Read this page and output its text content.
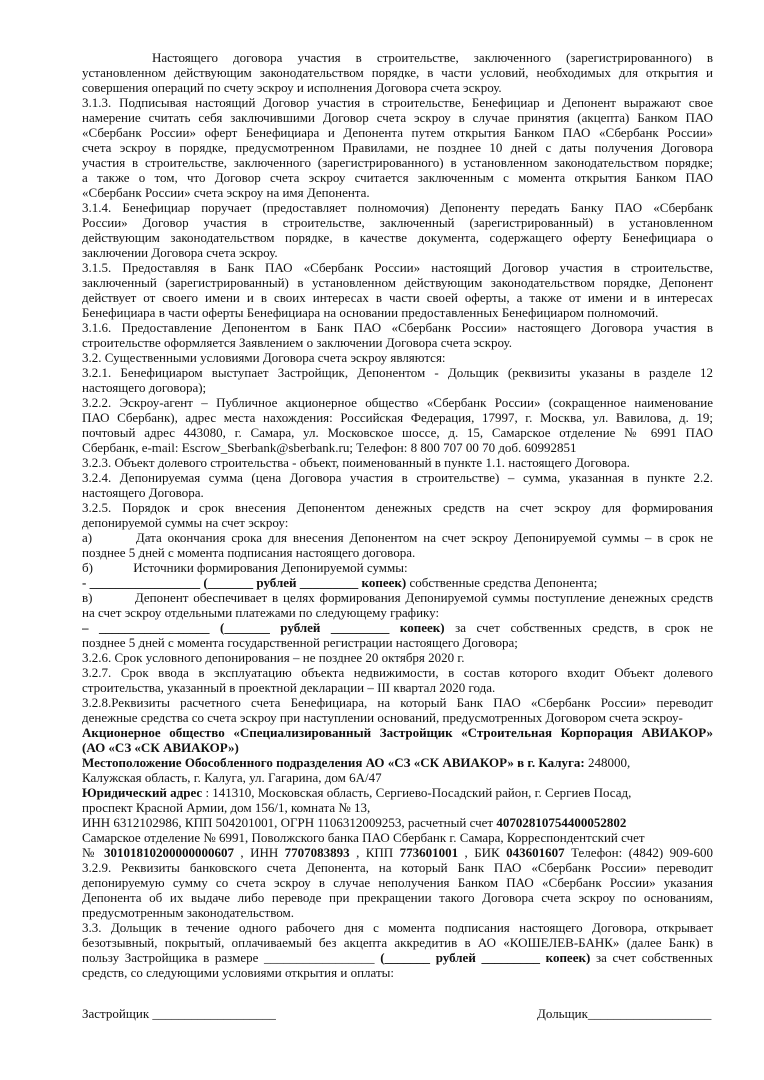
Настоящего договора участия в строительстве, заключенного (зарегистрированного) в
установленном действующим законодательством порядке, в части условий, необходимых для открытия и
совершения операций по счету эскроу и исполнения Договора счета эскроу.
3.1.3. Подписывая настоящий Договор участия в строительстве, Бенефициар и Депонент выражают свое
намерение считать себя заключившими Договор счета эскроу в случае принятия (акцепта) Банком ПАО
«Сбербанк России» оферт Бенефициара и Депонента путем открытия Банком ПАО «Сбербанк России»
счета эскроу в порядке, предусмотренном Правилами, не позднее 10 дней с даты получения Договора
участия в строительстве, заключенного (зарегистрированного) в установленном законодательством порядке;
а также о том, что Договор счета эскроу считается заключенным с момента открытия Банком ПАО
«Сбербанк России» счета эскроу на имя Депонента.
3.1.4. Бенефициар поручает (предоставляет полномочия) Депоненту передать Банку ПАО «Сбербанк
России» Договор участия в строительстве, заключенный (зарегистрированный) в установленном
действующим законодательством порядке, в качестве документа, содержащего оферту Бенефициара о
заключении Договора счета эскроу.
3.1.5. Предоставляя в Банк ПАО «Сбербанк России» настоящий Договор участия в строительстве,
заключенный (зарегистрированный) в установленном действующим законодательством порядке, Депонент
действует от своего имени и в своих интересах в части своей оферты, а также от имени и в интересах
Бенефициара в части оферты Бенефициара на основании предоставленных Бенефициаром полномочий.
3.1.6. Предоставление Депонентом в Банк ПАО «Сбербанк России» настоящего Договора участия в
строительстве оформляется Заявлением о заключении Договора счета эскроу.
3.2. Существенными условиями Договора счета эскроу являются:
3.2.1. Бенефициаром выступает Застройщик, Депонентом - Дольщик (реквизиты указаны в разделе 12
настоящего договора);
3.2.2. Эскроу-агент – Публичное акционерное общество «Сбербанк России» (сокращенное наименование
ПАО Сбербанк), адрес места нахождения: Российская Федерация, 17997, г. Москва, ул. Вавилова, д. 19;
почтовый адрес 443080, г. Самара, ул. Московское шоссе, д. 15, Самарское отделение № 6991 ПАО
Сбербанк, e-mail: Escrow_Sberbank@sberbank.ru; Телефон: 8 800 707 00 70 доб. 60992851
3.2.3. Объект долевого строительства - объект, поименованный в пункте 1.1. настоящего Договора.
3.2.4. Депонируемая сумма (цена Договора участия в строительстве) – сумма, указанная в пункте 2.2.
настоящего Договора.
3.2.5. Порядок и срок внесения Депонентом денежных средств на счет эскроу для формирования
депонируемой суммы на счет эскроу:
а)	Дата окончания срока для внесения Депонентом на счет эскроу Депонируемой суммы – в срок не
позднее 5 дней с момента подписания настоящего договора.
б)	Источники формирования Депонируемой суммы:
- _________________ (_______ рублей _________ копеек) собственные средства Депонента;
в)	Депонент обеспечивает в целях формирования Депонируемой суммы поступление денежных средств
на счет эскроу отдельными платежами по следующему графику:
– _________________ (_______ рублей _________ копеек) за счет собственных средств, в срок не
позднее 5 дней с момента государственной регистрации настоящего Договора;
3.2.6. Срок условного депонирования – не позднее 20 октября 2020 г.
3.2.7. Срок ввода в эксплуатацию объекта недвижимости, в состав которого входит Объект долевого
строительства, указанный в проектной декларации – III квартал 2020 года.
3.2.8.Реквизиты расчетного счета Бенефициара, на который Банк ПАО «Сбербанк России» переводит
денежные средства со счета эскроу при наступлении оснований, предусмотренных Договором счета эскроу-
Акционерное общество «Специализированный Застройщик «Строительная Корпорация АВИАКОР»
(АО «СЗ «СК АВИАКОР»)
Местоположение Обособленного подразделения АО «СЗ «СК АВИАКОР» в г. Калуга: 248000,
Калужская область, г. Калуга, ул. Гагарина, дом 6А/47
Юридический адрес : 141310, Московская область, Сергиево-Посадский район, г. Сергиев Посад,
проспект Красной Армии, дом 156/1, комната № 13,
ИНН 6312102986, КПП 504201001, ОГРН 1106312009253, расчетный счет 40702810754400052802
Самарское отделение № 6991, Поволжского банка ПАО Сбербанк г. Самара, Корреспондентский счет
№ 30101810200000000607 , ИНН 7707083893 , КПП 773601001 , БИК 043601607 Телефон: (4842) 909-600
3.2.9. Реквизиты банковского счета Депонента, на который Банк ПАО «Сбербанк России» переводит
депонируемую сумму со счета эскроу в случае неполучения Банком ПАО «Сбербанк России» указания
Депонента об их выдаче либо переводе при прекращении такого Договора счета эскроу по основаниям,
предусмотренным законодательством.
3.3. Дольщик в течение одного рабочего дня с момента подписания настоящего Договора, открывает
безотзывный, покрытый, оплачиваемый без акцепта аккредитив в АО «КОШЕЛЕВ-БАНК» (далее Банк) в
пользу Застройщика в размере _________________ (_______ рублей _________ копеек) за счет собственных
средств, со следующими условиями открытия и оплаты:
Застройщик ___________________	Дольщик___________________
